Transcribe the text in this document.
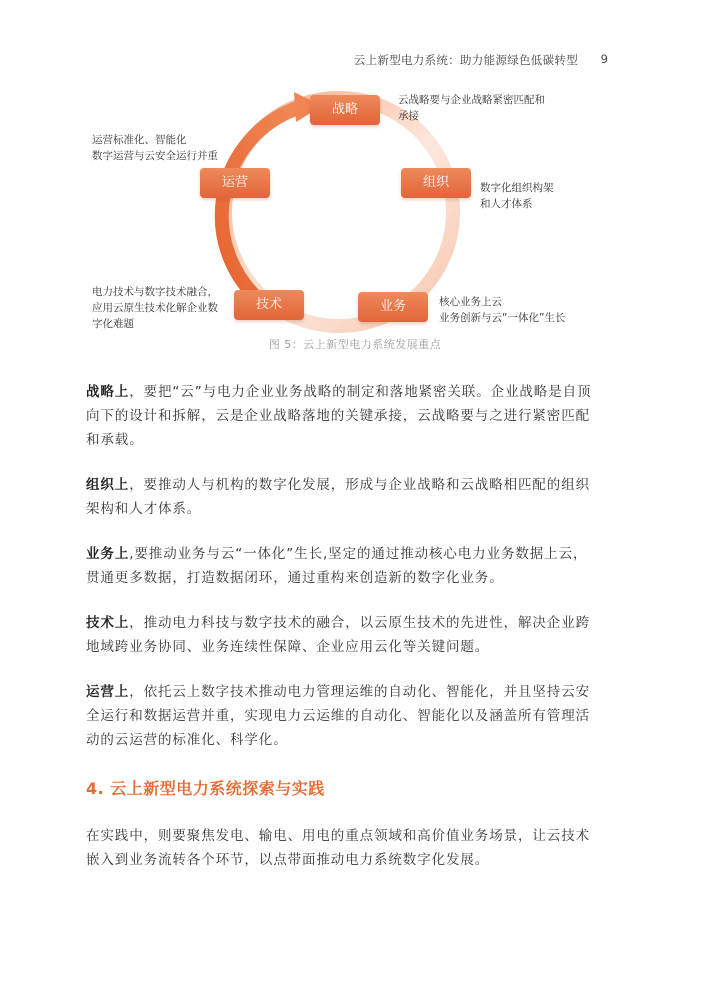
云上新型电力系统：助力能源绿色低碳转型 9
战略
组织
业务
技术
运营
云战略要与企业战略紧密匹配和
承接
数字化组织构架
和人才体系
核心业务上云
业务创新与云“一体化”生长
电力技术与数字技术融合，
应用云原生技术化解企业数
字化难题
运营标准化、智能化
数字运营与云安全运行并重
图 5：云上新型电力系统发展重点
战略上，要把“云”与电力企业业务战略的制定和落地紧密关联。企业战略是自顶向下的设计和拆解，云是企业战略落地的关键承接，云战略要与之进行紧密匹配和承载。
组织上，要推动人与机构的数字化发展，形成与企业战略和云战略相匹配的组织架构和人才体系。
业务上,要推动业务与云“一体化”生长,坚定的通过推动核心电力业务数据上云，贯通更多数据，打造数据闭环，通过重构来创造新的数字化业务。
技术上，推动电力科技与数字技术的融合，以云原生技术的先进性，解决企业跨地域跨业务协同、业务连续性保障、企业应用云化等关键问题。
运营上，依托云上数字技术推动电力管理运维的自动化、智能化，并且坚持云安全运行和数据运营并重，实现电力云运维的自动化、智能化以及涵盖所有管理活动的云运营的标准化、科学化。
4. 云上新型电力系统探索与实践
在实践中，则要聚焦发电、输电、用电的重点领域和高价值业务场景，让云技术嵌入到业务流转各个环节，以点带面推动电力系统数字化发展。
